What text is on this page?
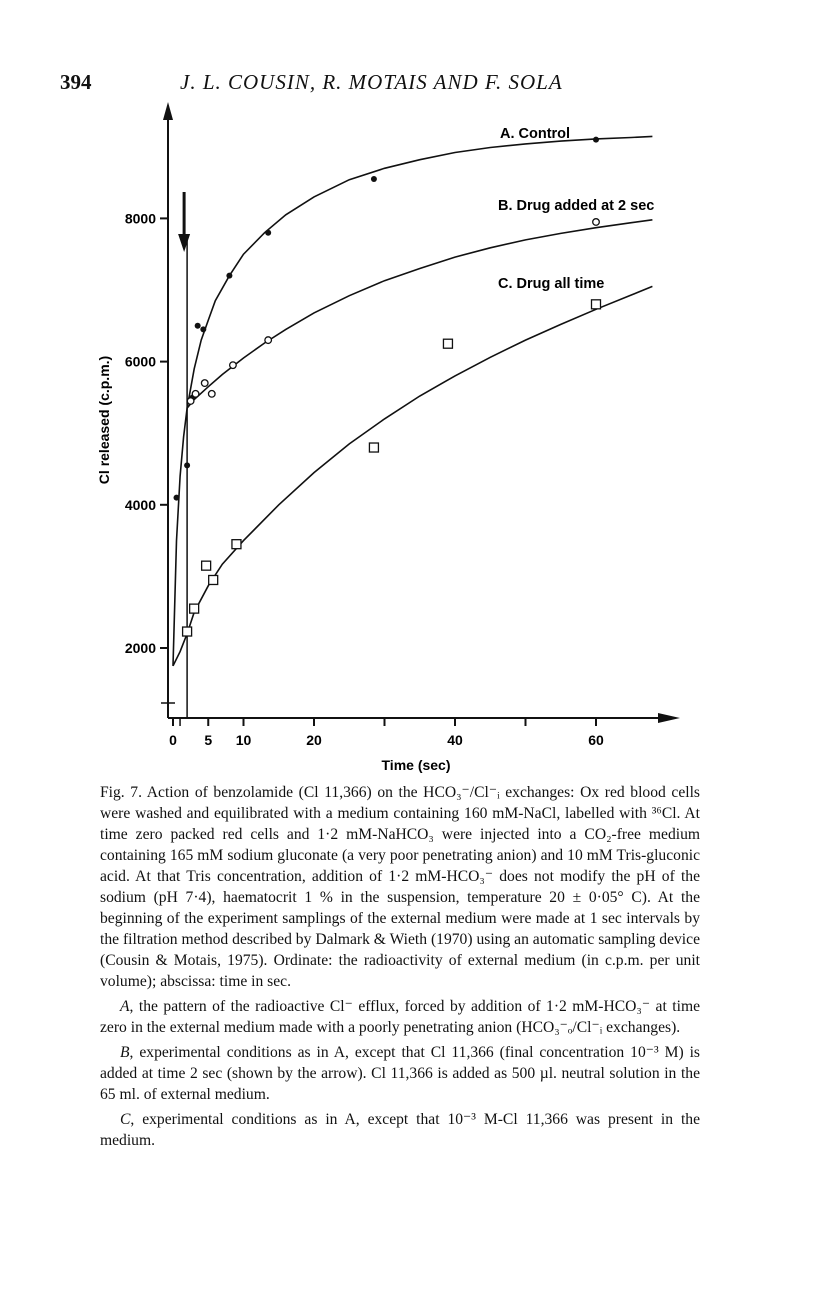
394	J. L. COUSIN, R. MOTAIS AND F. SOLA
2000
4000
6000
8000
0 5 10	20	40	60
Time (sec)
Cl released (c.p.m.)
A. Control
B. Drug added at 2 sec
C. Drug all time

Fig. 7. Action of benzolamide (Cl 11,366) on the HCO₃⁻/Cl⁻ᵢ exchanges: Ox red blood cells were washed and equilibrated with a medium containing 160 mM-NaCl, labelled with ³⁶Cl. At time zero packed red cells and 1·2 mM-NaHCO₃ were injected into a CO₂-free medium containing 165 mM sodium gluconate (a very poor penetrating anion) and 10 mM Tris-gluconic acid. At that Tris concentration, addition of 1·2 mM-HCO₃⁻ does not modify the pH of the sodium (pH 7·4), haematocrit 1 % in the suspension, temperature 20 ± 0·05° C). At the beginning of the experiment samplings of the external medium were made at 1 sec intervals by the filtration method described by Dalmark & Wieth (1970) using an automatic sampling device (Cousin & Motais, 1975). Ordinate: the radioactivity of external medium (in c.p.m. per unit volume); abscissa: time in sec.

A, the pattern of the radioactive Cl⁻ efflux, forced by addition of 1·2 mM-HCO₃⁻ at time zero in the external medium made with a poorly penetrating anion (HCO₃⁻ₒ/Cl⁻ᵢ exchanges).

B, experimental conditions as in A, except that Cl 11,366 (final concentration 10⁻³ M) is added at time 2 sec (shown by the arrow). Cl 11,366 is added as 500 µl. neutral solution in the 65 ml. of external medium.

C, experimental conditions as in A, except that 10⁻³ M-Cl 11,366 was present in the medium.
